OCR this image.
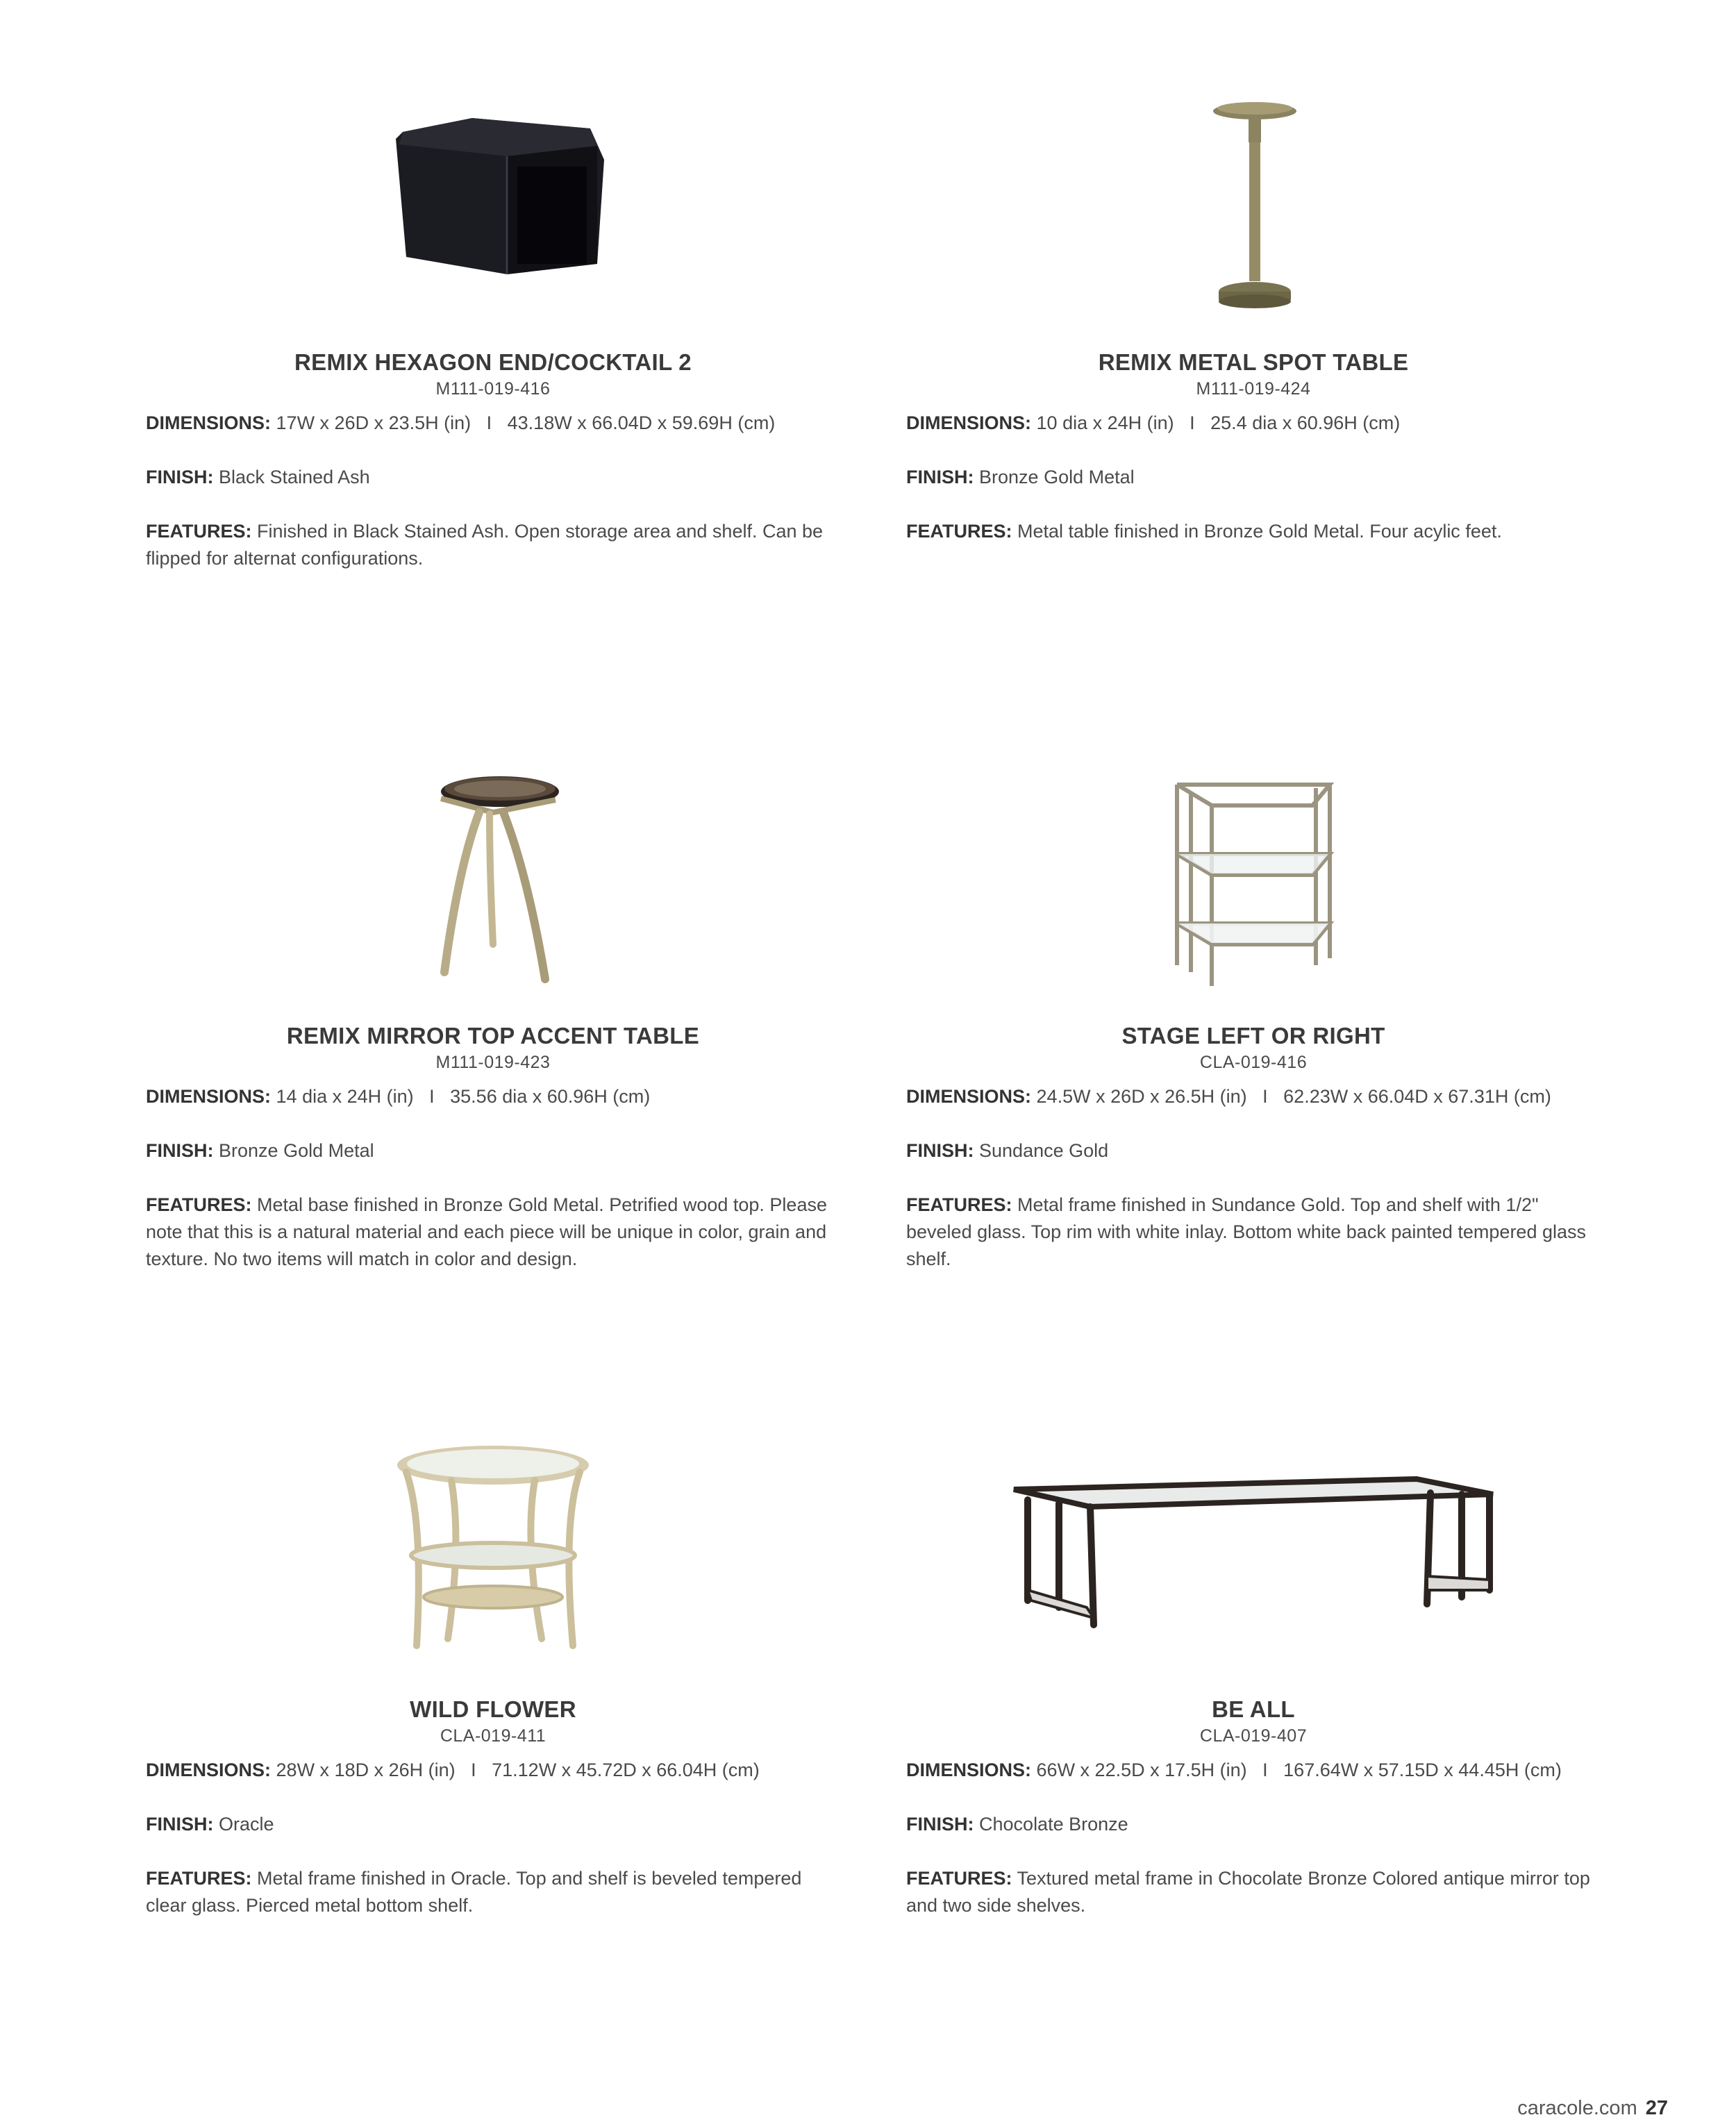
REMIX HEXAGON END/COCKTAIL 2
M111-019-416
DIMENSIONS: 17W x 26D x 23.5H (in)   I   43.18W x 66.04D x 59.69H (cm)
FINISH: Black Stained Ash
FEATURES: Finished in Black Stained Ash. Open storage area and shelf. Can be flipped for alternat configurations.
REMIX METAL SPOT TABLE
M111-019-424
DIMENSIONS: 10 dia x 24H (in)   I   25.4 dia x 60.96H (cm)
FINISH: Bronze Gold Metal
FEATURES: Metal table finished in Bronze Gold Metal. Four acylic feet.
REMIX MIRROR TOP ACCENT TABLE
M111-019-423
DIMENSIONS: 14 dia x 24H (in)   I   35.56 dia x 60.96H (cm)
FINISH: Bronze Gold Metal
FEATURES: Metal base finished in Bronze Gold Metal. Petrified wood top. Please note that this is a natural material and each piece will be unique in color, grain and texture. No two items will match in color and design.
STAGE LEFT OR RIGHT
CLA-019-416
DIMENSIONS: 24.5W x 26D x 26.5H (in)   I   62.23W x 66.04D x 67.31H (cm)
FINISH: Sundance Gold
FEATURES: Metal frame finished in Sundance Gold. Top and shelf with 1/2" beveled glass. Top rim with white inlay. Bottom white back painted tempered glass shelf.
WILD FLOWER
CLA-019-411
DIMENSIONS: 28W x 18D x 26H (in)   I   71.12W x 45.72D x 66.04H (cm)
FINISH: Oracle
FEATURES: Metal frame finished in Oracle. Top and shelf is beveled tempered clear glass. Pierced metal bottom shelf.
BE ALL
CLA-019-407
DIMENSIONS: 66W x 22.5D x 17.5H (in)   I   167.64W x 57.15D x 44.45H (cm)
FINISH: Chocolate Bronze
FEATURES: Textured metal frame in Chocolate Bronze Colored antique mirror top and two side shelves.
caracole.com 27
